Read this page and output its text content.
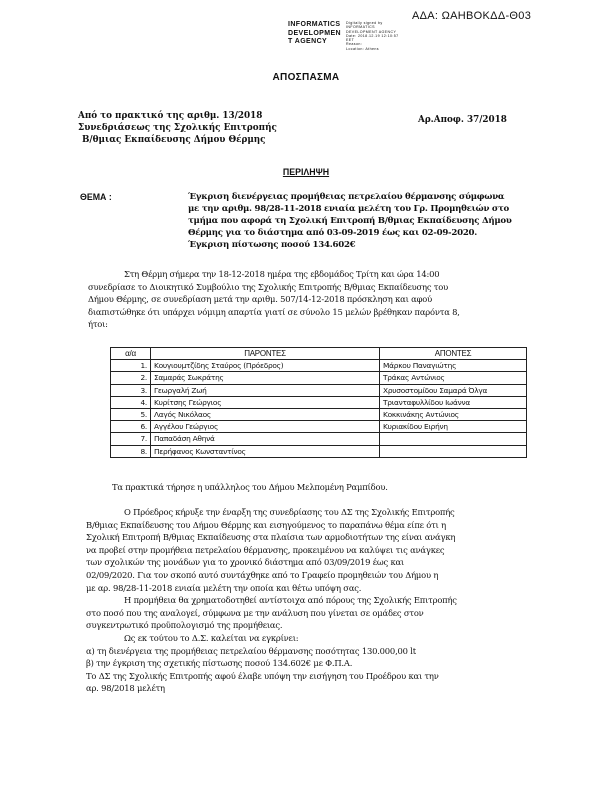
ΑΔΑ: ΩΑΗΒΟΚΔΔ-Θ03
INFORMATICS
DEVELOPMEN
T AGENCY
Digitally signed by
INFORMATICS
DEVELOPMENT AGENCY
Date: 2018.12.19 12:10:57
EET
Reason:
Location: Athens
ΑΠΟΣΠΑΣΜΑ
Από το πρακτικό της αριθμ. 13/2018
Συνεδριάσεως της Σχολικής Επιτροπής
Β/θμιας Εκπαίδευσης Δήμου Θέρμης
Αρ.Αποφ. 37/2018
ΠΕΡΙΛΗΨΗ
ΘΕΜΑ :	Έγκριση διενέργειας προμήθειας πετρελαίου θέρμανσης σύμφωνα
με την αριθμ. 98/28-11-2018 ενιαία μελέτη του Γρ. Προμηθειών στο
τμήμα που αφορά τη Σχολική Επιτροπή Β/θμιας Εκπαίδευσης Δήμου
Θέρμης για το διάστημα από 03-09-2019 έως και 02-09-2020.
Έγκριση πίστωσης ποσού 134.602€
Στη Θέρμη σήμερα την 18-12-2018 ημέρα της εβδομάδος Τρίτη και ώρα 14:00
συνεδρίασε το Διοικητικό Συμβούλιο της Σχολικής Επιτροπής Β/θμιας Εκπαίδευσης του
Δήμου Θέρμης, σε συνεδρίαση μετά την αριθμ. 507/14-12-2018 πρόσκληση και αφού
διαπιστώθηκε ότι υπάρχει νόμιμη απαρτία γιατί σε σύνολο 15 μελών βρέθηκαν παρόντα 8,
ήτοι:
α/α	ΠΑΡΟΝΤΕΣ	ΑΠΟΝΤΕΣ
1.	Κουγιουμτζίδης Σταύρος (Πρόεδρος)	Μάρκου Παναγιώτης
2.	Σαμαράς Σωκράτης	Τράκας Αντώνιος
3.	Γεωργαλή Ζωή	Χρυσοστομίδου Σαμαρά Όλγα
4.	Κυρίτσης Γεώργιος	Τριανταφυλλίδου Ιωάννα
5.	Λαγός Νικόλαος	Κοκκινάκης Αντώνιος
6.	Αγγέλου Γεώργιος	Κυριακίδου Ειρήνη
7.	Παπαδάση Αθηνά	
8.	Περήφανος Κωνσταντίνος	
Τα πρακτικά τήρησε η υπάλληλος του Δήμου Μελπομένη Ραμπίδου.
Ο Πρόεδρος κήρυξε την έναρξη της συνεδρίασης του ΔΣ της Σχολικής Επιτροπής
Β/θμιας Εκπαίδευσης του Δήμου Θέρμης και εισηγούμενος το παραπάνω θέμα είπε ότι η
Σχολική Επιτροπή Β/θμιας Εκπαίδευσης στα πλαίσια των αρμοδιοτήτων της είναι ανάγκη
να προβεί στην προμήθεια πετρελαίου θέρμανσης, προκειμένου να καλύψει τις ανάγκες
των σχολικών της μονάδων για το χρονικό διάστημα από 03/09/2019 έως και
02/09/2020. Για τον σκοπό αυτό συντάχθηκε από το Γραφείο προμηθειών του Δήμου η
με αρ. 98/28-11-2018 ενιαία μελέτη την οποία και θέτω υπόψη σας.
Η προμήθεια θα χρηματοδοτηθεί αντίστοιχα από πόρους της Σχολικής Επιτροπής
στο ποσό που της αναλογεί, σύμφωνα με την ανάλυση που γίνεται σε ομάδες στον
συγκεντρωτικό προϋπολογισμό της προμήθειας.
Ως εκ τούτου το Δ.Σ. καλείται να εγκρίνει:
α) τη διενέργεια της προμήθειας πετρελαίου θέρμανσης ποσότητας 130.000,00 lt
β) την έγκριση της σχετικής πίστωσης ποσού 134.602€ με Φ.Π.Α.
Το ΔΣ της Σχολικής Επιτροπής αφού έλαβε υπόψη την εισήγηση του Προέδρου και την
αρ. 98/2018 μελέτη
